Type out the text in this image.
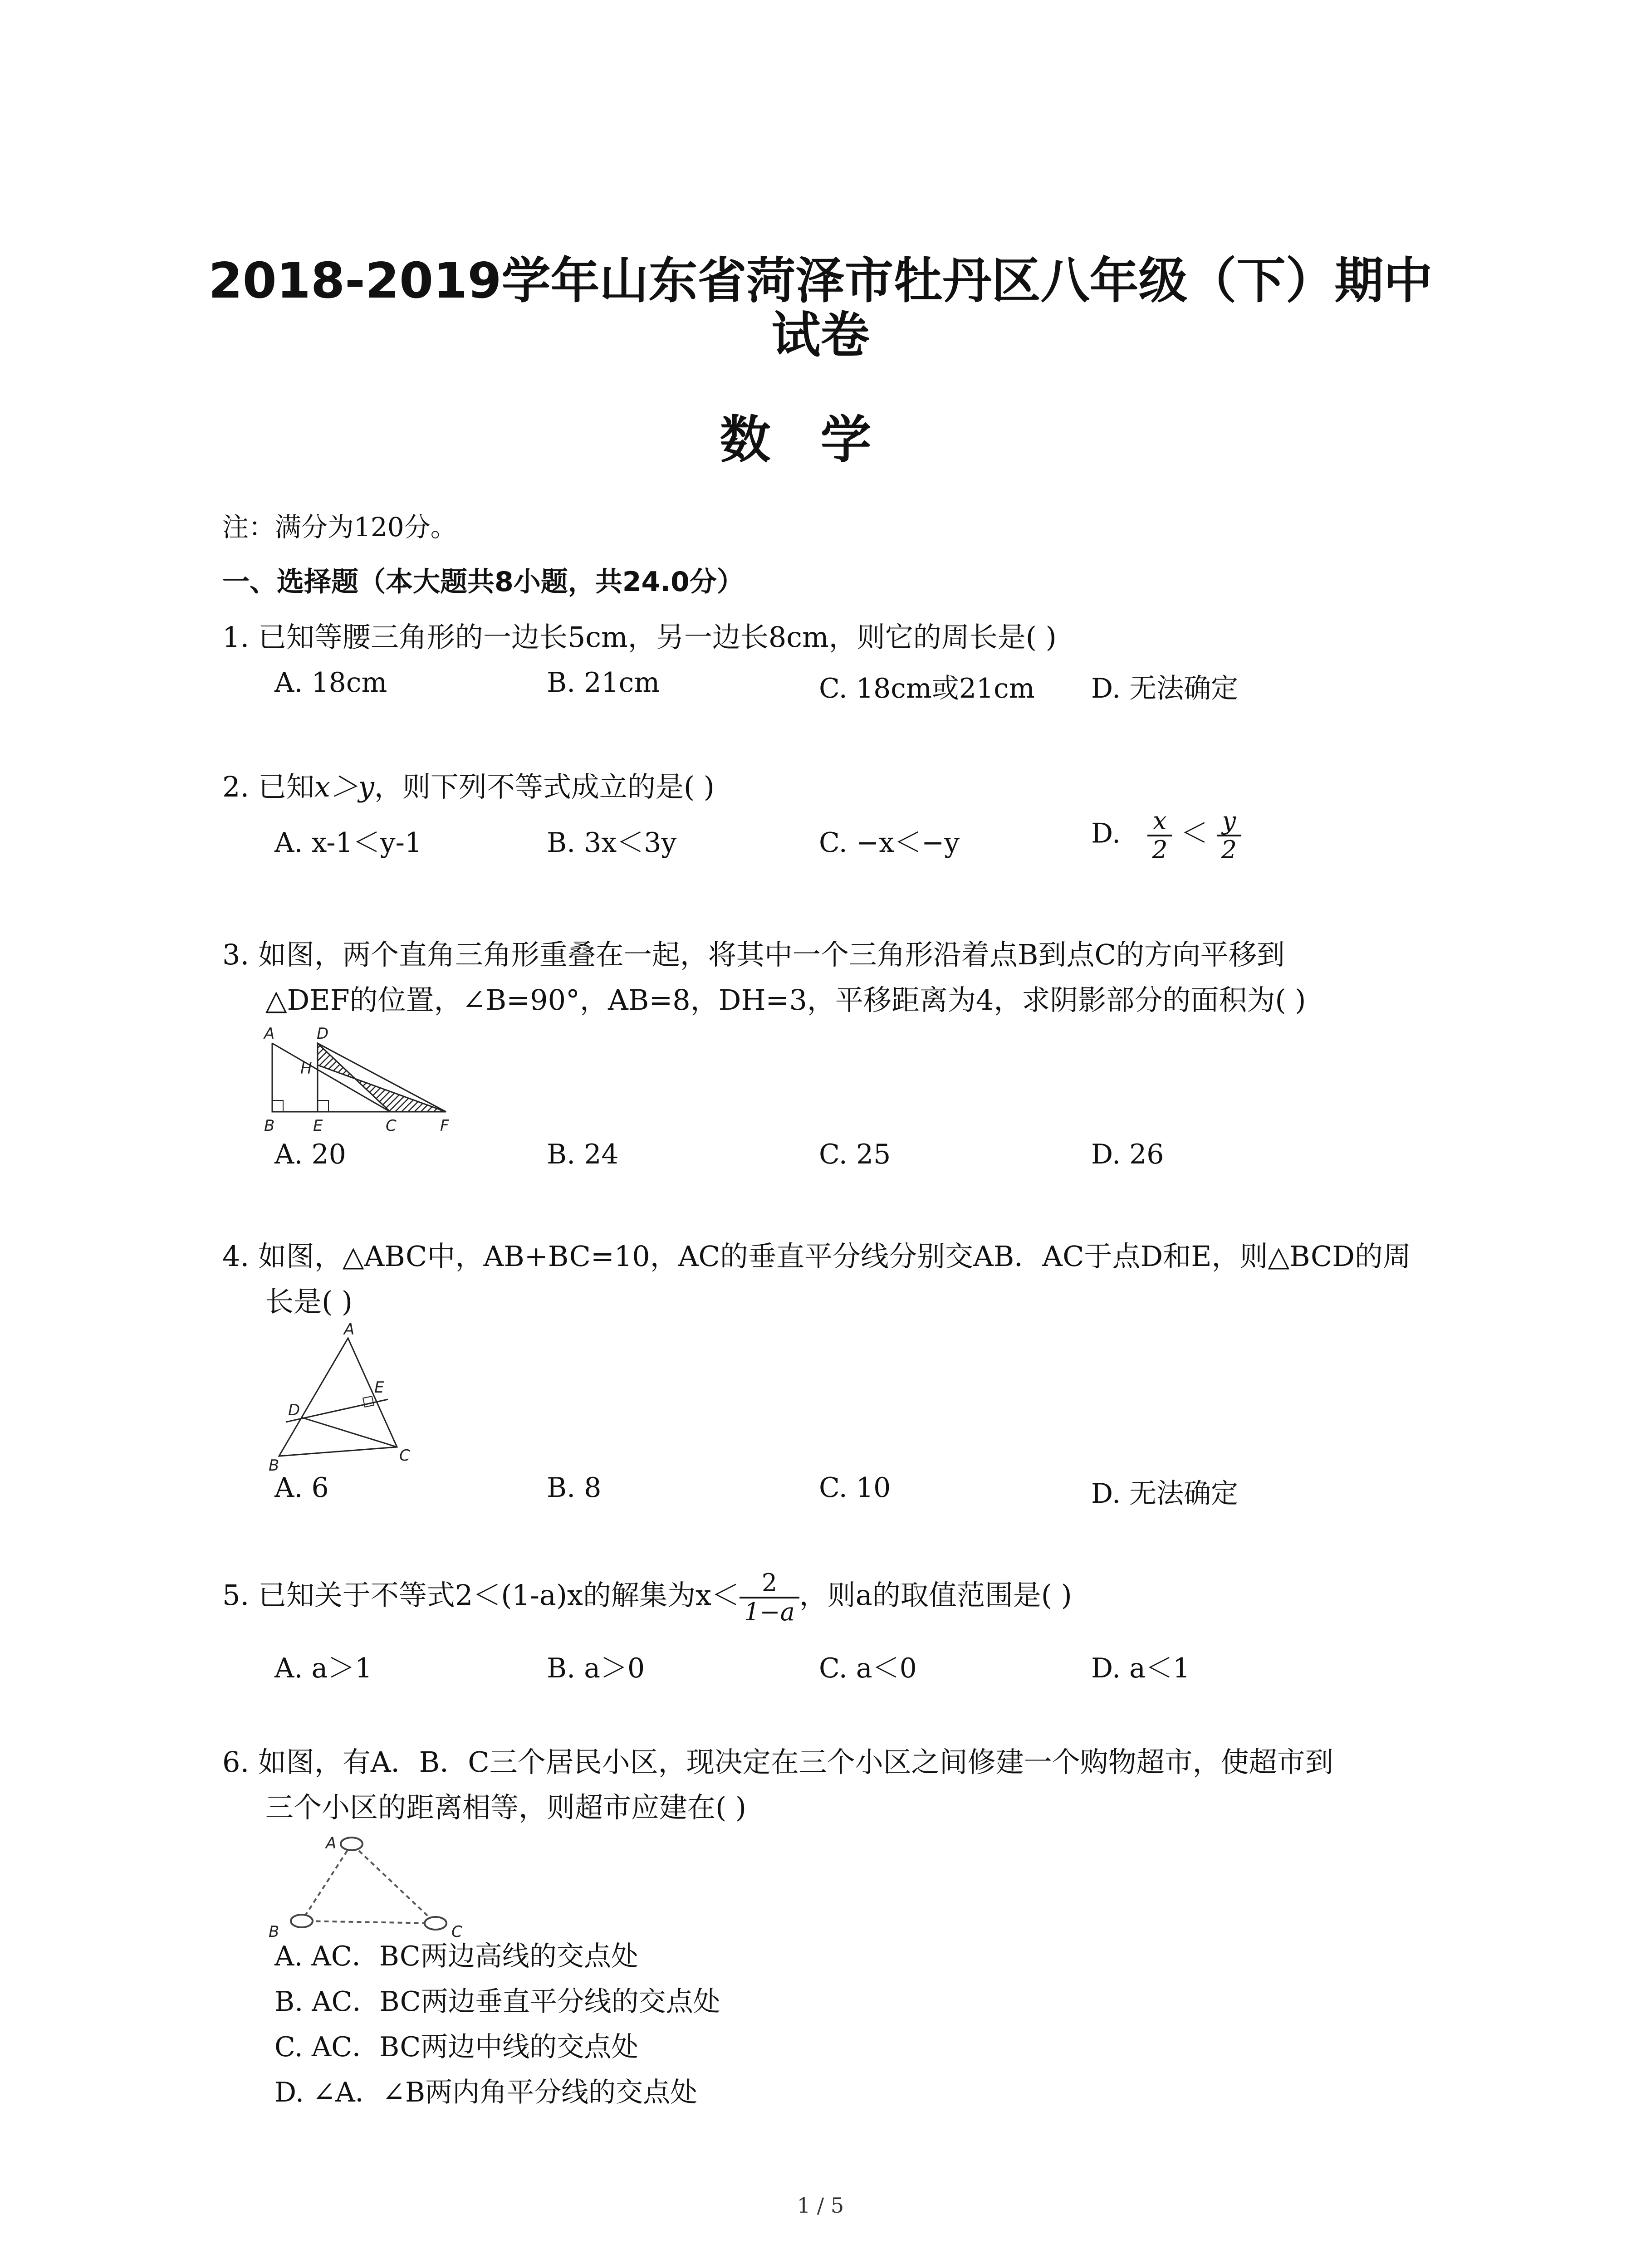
2018-2019学年山东省菏泽市牡丹区八年级（下）期中
试卷
数学
注：满分为120分。
一、选择题（本大题共8小题，共24.0分）
1. 已知等腰三角形的一边长5cm，另一边长8cm，则它的周长是( )
A. 18cm	B. 21cm	C. 18cm或21cm D. 无法确定
2. 已知x＞y，则下列不等式成立的是( )
A. x-1＜y-1	B. 3x＜3y	C. −x＜−y	D. $\frac{x}{2} < \frac{y}{2}$
3. 如图，两个直角三角形重叠在一起，将其中一个三角形沿着点B到点C的方向平移到
△DEF的位置，∠B=90°，AB=8，DH=3，平移距离为4，求阴影部分的面积为( )
A	D
H
B E	C	F
A. 20	B. 24	C. 25	D. 26
4. 如图，△ABC中，AB+BC=10，AC的垂直平分线分别交AB．AC于点D和E，则△BCD的周
长是( )
A
B
C
D
E
A. 6	B. 8	C. 10	D. 无法确定
5. 已知关于不等式2＜(1-a)x的解集为$x< \frac{2}{1-a}$ ，则a的取值范围是( )
A. a＞1	B. a＞0	C. a＜0	D. a＜1
6. 如图，有A．B．C三个居民小区，现决定在三个小区之间修建一个购物超市，使超市到
三个小区的距离相等，则超市应建在( )
A
B	C
A. AC．BC两边高线的交点处
B. AC．BC两边垂直平分线的交点处
C. AC．BC两边中线的交点处
D. ∠A．∠B两内角平分线的交点处
1 / 5
